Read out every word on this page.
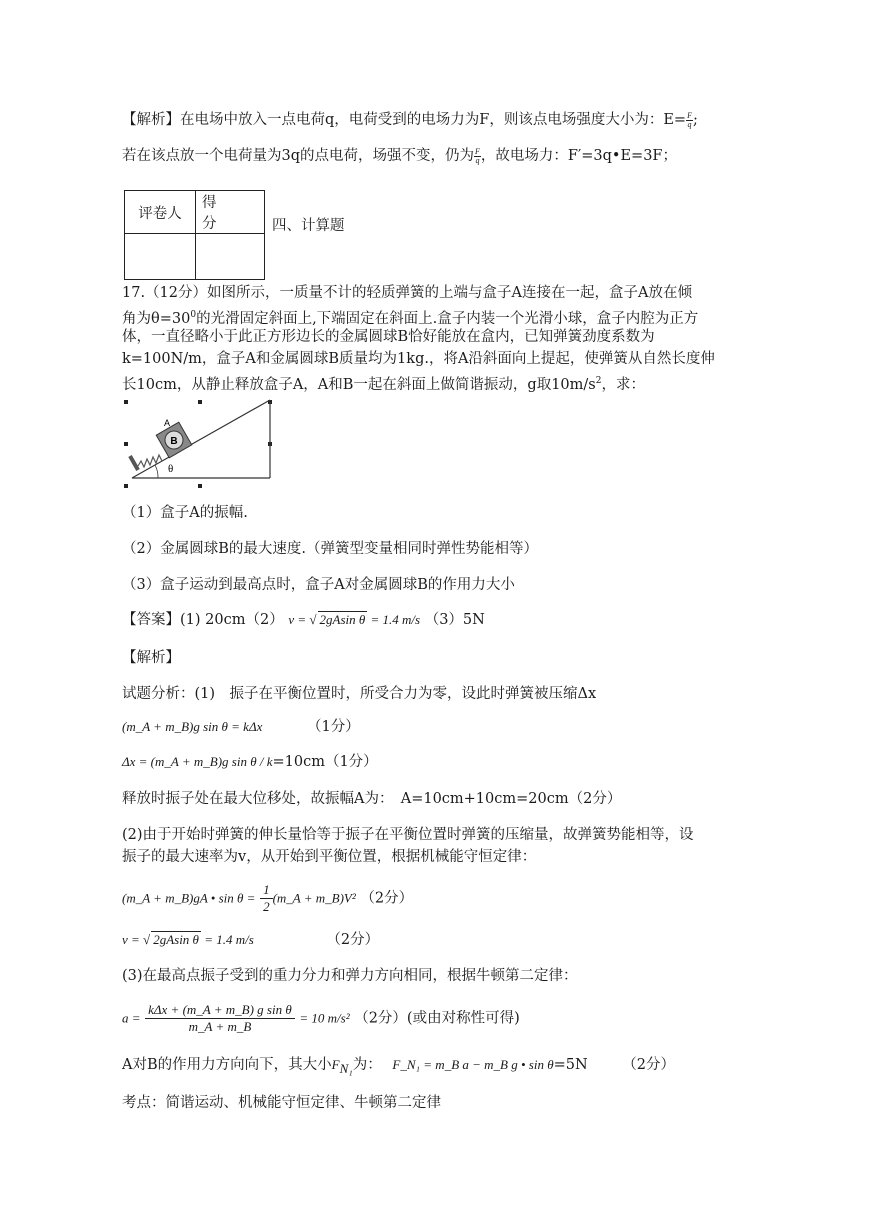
【解析】在电场中放入一点电荷q，电荷受到的电场力为F，则该点电场强度大小为：$E= \frac{F}{q}$ ;
若在该点放一个电荷量为3q的点电荷，场强不变，仍为 $\frac{F}{q}$ ，故电场力：F′=3q•E=3F；
评卷人	得　　分
		四、计算题
17.（12分）如图所示，一质量不计的轻质弹簧的上端与盒子A连接在一起，盒子A放在倾
角为$\theta=30^0$的光滑固定斜面上,下端固定在斜面上.盒子内装一个光滑小球，盒子内腔为正方
体，一直径略小于此正方形边长的金属圆球B恰好能放在盒内，已知弹簧劲度系数为
k=100N/m，盒子A和金属圆球B质量均为1kg.，将A沿斜面向上提起，使弹簧从自然长度伸
长10cm，从静止释放盒子A，A和B一起在斜面上做简谐振动，g取$10m/s^2$，求：
B
A
θ
（1）盒子A的振幅.
（2）金属圆球B的最大速度.（弹簧型变量相同时弹性势能相等）
（3）盒子运动到最高点时，盒子A对金属圆球B的作用力大小
【答案】(1) 20cm（2） v = √ 2gAsin θ = 1.4 m/s （3）5N
【解析】
试题分析：(1)　振子在平衡位置时，所受合力为零，设此时弹簧被压缩Δx
(m_A + m_B)g sin θ = kΔx	（1分）
Δx = (m_A + m_B)g sin θ / k=10cm（1分）
释放时振子处在最大位移处，故振幅A为：　A=10cm+10cm=20cm（2分）
(2)由于开始时弹簧的伸长量恰等于振子在平衡位置时弹簧的压缩量，故弹簧势能相等，设
振子的最大速率为v，从开始到平衡位置，根据机械能守恒定律：
(m_A + m_B)gA • $\sin \theta = \frac{1}{2}$ (m_A + m_B)V² （2分）
v = √ 2gAsin θ = 1.4 m/s	（2分）
(3)在最高点振子受到的重力分力和弹力方向相同，根据牛顿第二定律：
a =
kΔx + (m_A + m_B) g sin θ
m_A + m_B
= 10 m/s² （2分）(或由对称性可得)
A对B的作用力方向向下，其大小$F_{N_1}$为： F_N₁ = m_B a − m_B g • sin θ=5N （2分）
考点：简谐运动、机械能守恒定律、牛顿第二定律
